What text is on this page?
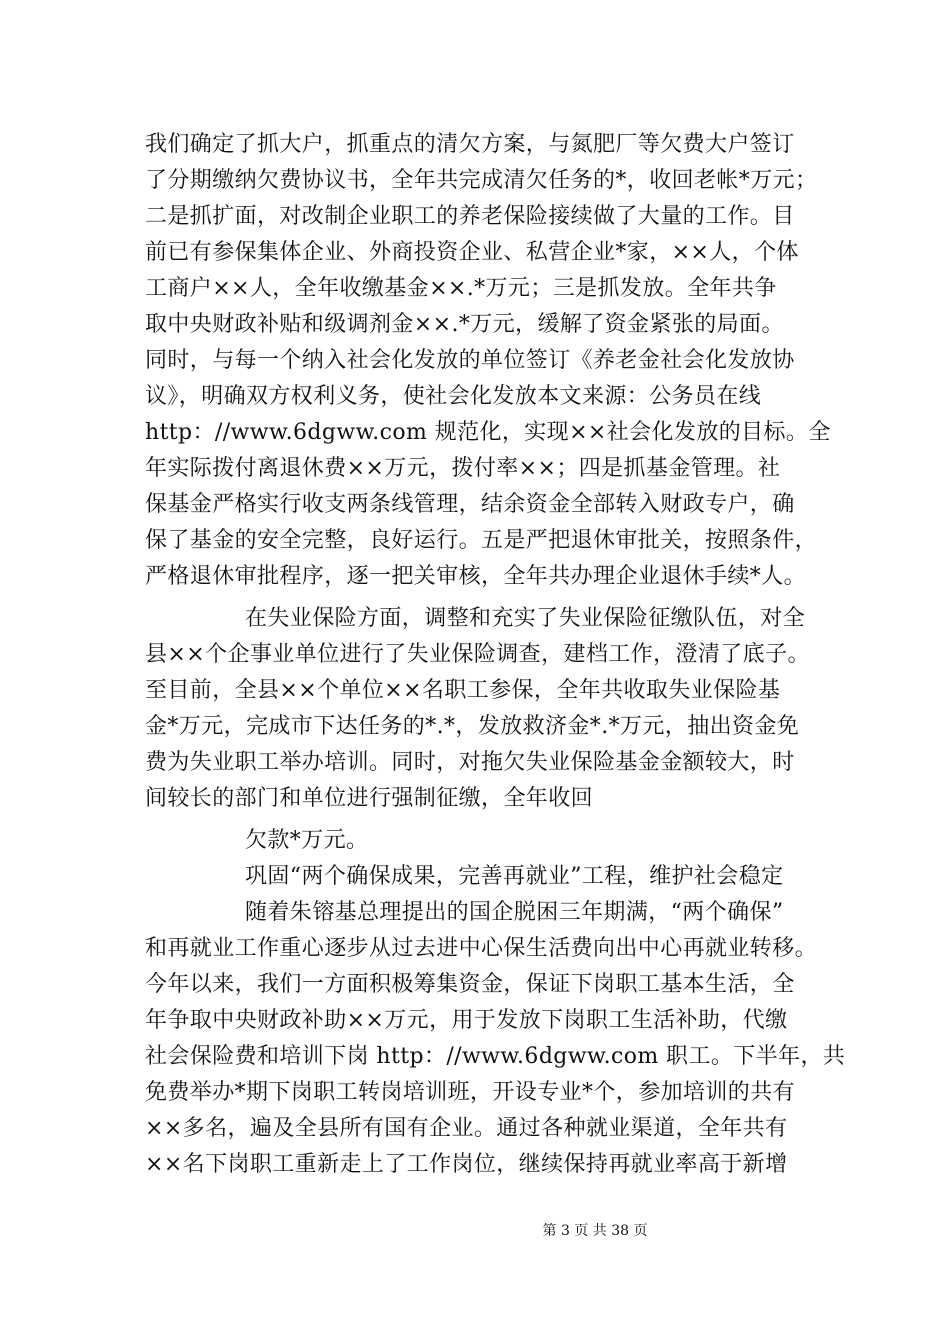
我们确定了抓大户，抓重点的清欠方案，与氮肥厂等欠费大户签订
了分期缴纳欠费协议书，全年共完成清欠任务的*，收回老帐*万元；
二是抓扩面，对改制企业职工的养老保险接续做了大量的工作。目
前已有参保集体企业、外商投资企业、私营企业*家，××人，个体
工商户××人，全年收缴基金××.*万元；三是抓发放。全年共争
取中央财政补贴和级调剂金××.*万元，缓解了资金紧张的局面。
同时，与每一个纳入社会化发放的单位签订《养老金社会化发放协
议》，明确双方权利义务，使社会化发放本文来源：公务员在线
http：//www.6dgww.com 规范化，实现××社会化发放的目标。全
年实际拨付离退休费××万元，拨付率××；四是抓基金管理。社
保基金严格实行收支两条线管理，结余资金全部转入财政专户，确
保了基金的安全完整，良好运行。五是严把退休审批关，按照条件，
严格退休审批程序，逐一把关审核，全年共办理企业退休手续*人。
在失业保险方面，调整和充实了失业保险征缴队伍，对全
县××个企事业单位进行了失业保险调查，建档工作，澄清了底子。
至目前，全县××个单位××名职工参保，全年共收取失业保险基
金*万元，完成市下达任务的*.*，发放救济金*.*万元，抽出资金免
费为失业职工举办培训。同时，对拖欠失业保险基金金额较大，时
间较长的部门和单位进行强制征缴，全年收回
欠款*万元。
巩固“两个确保成果，完善再就业”工程，维护社会稳定
随着朱镕基总理提出的国企脱困三年期满，“两个确保”
和再就业工作重心逐步从过去进中心保生活费向出中心再就业转移。
今年以来，我们一方面积极筹集资金，保证下岗职工基本生活，全
年争取中央财政补助××万元，用于发放下岗职工生活补助，代缴
社会保险费和培训下岗 http：//www.6dgww.com 职工。下半年，共
免费举办*期下岗职工转岗培训班，开设专业*个，参加培训的共有
××多名，遍及全县所有国有企业。通过各种就业渠道，全年共有
××名下岗职工重新走上了工作岗位，继续保持再就业率高于新增
第 3 页 共 38 页
